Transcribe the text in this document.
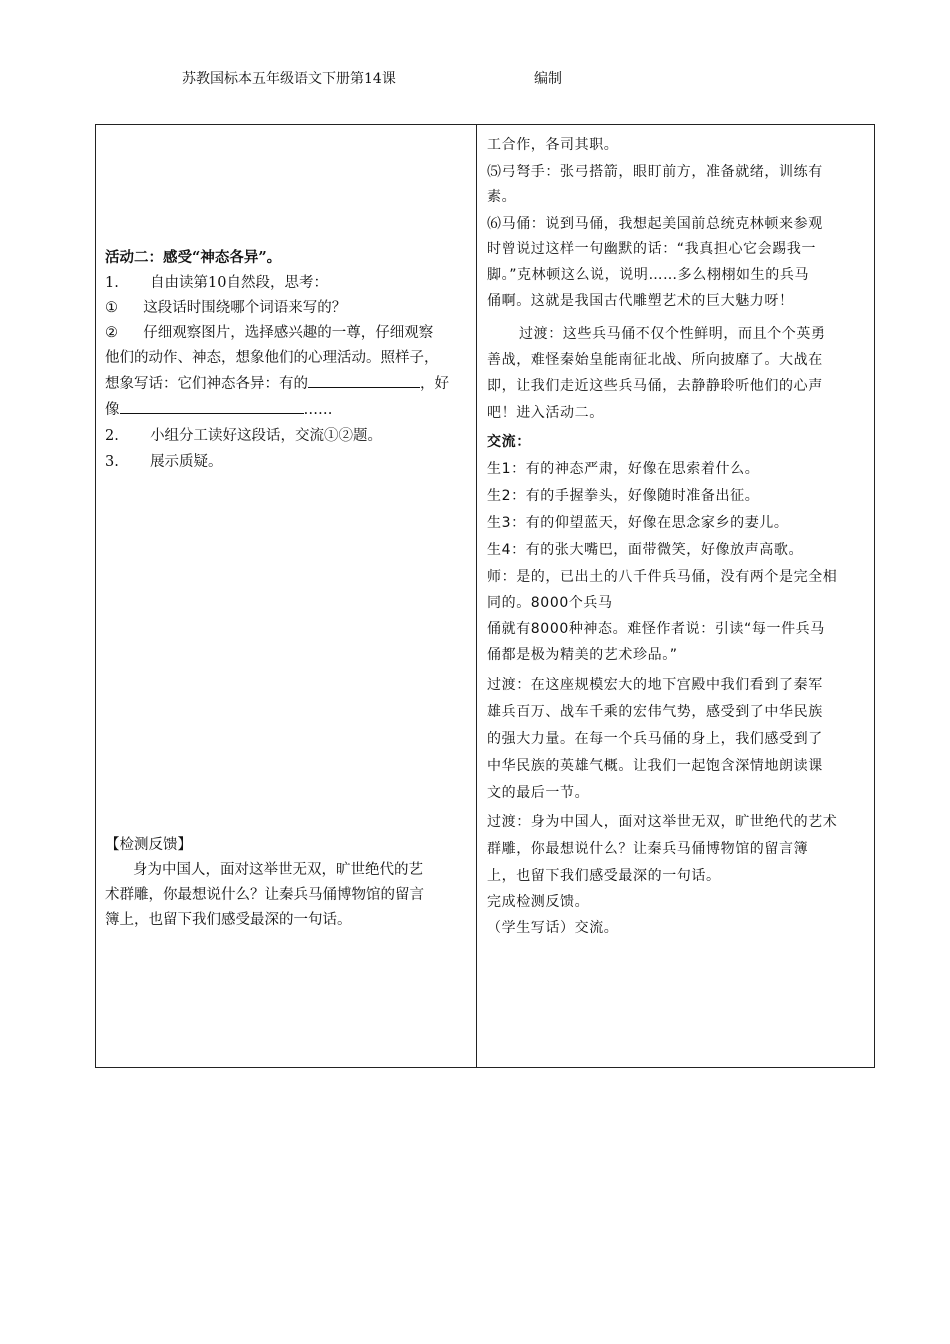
苏教国标本五年级语文下册第14课	编制
活动二：感受“神态各异”。
1. 自由读第10自然段，思考：
① 这段话时围绕哪个词语来写的？
② 仔细观察图片，选择感兴趣的一尊，仔细观察
他们的动作、神态，想象他们的心理活动。照样子，
想象写话：它们神态各异：有的	，好
像	……
2. 小组分工读好这段话，交流①②题。
3. 展示质疑。
【检测反馈】
身为中国人，面对这举世无双，旷世绝代的艺
术群雕，你最想说什么？让秦兵马俑博物馆的留言
簿上，也留下我们感受最深的一句话。
工合作，各司其职。
⑸弓弩手：张弓搭箭，眼盯前方，准备就绪，训练有
素。
⑹马俑：说到马俑，我想起美国前总统克林顿来参观
时曾说过这样一句幽默的话：“我真担心它会踢我一
脚。”克林顿这么说，说明……多么栩栩如生的兵马
俑啊。这就是我国古代雕塑艺术的巨大魅力呀！
过渡：这些兵马俑不仅个性鲜明，而且个个英勇
善战，难怪秦始皇能南征北战、所向披靡了。大战在
即，让我们走近这些兵马俑，去静静聆听他们的心声
吧！进入活动二。
交流：
生1：有的神态严肃，好像在思索着什么。
生2：有的手握拳头，好像随时准备出征。
生3：有的仰望蓝天，好像在思念家乡的妻儿。
生4：有的张大嘴巴，面带微笑，好像放声高歌。
师：是的，已出土的八千件兵马俑，没有两个是完全相
同的。8000个兵马
俑就有8000种神态。难怪作者说：引读“每一件兵马
俑都是极为精美的艺术珍品。”
过渡：在这座规模宏大的地下宫殿中我们看到了秦军
雄兵百万、战车千乘的宏伟气势，感受到了中华民族
的强大力量。在每一个兵马俑的身上，我们感受到了
中华民族的英雄气概。让我们一起饱含深情地朗读课
文的最后一节。
过渡：身为中国人，面对这举世无双，旷世绝代的艺术
群雕，你最想说什么？让秦兵马俑博物馆的留言簿
上，也留下我们感受最深的一句话。
完成检测反馈。
（学生写话）交流。
